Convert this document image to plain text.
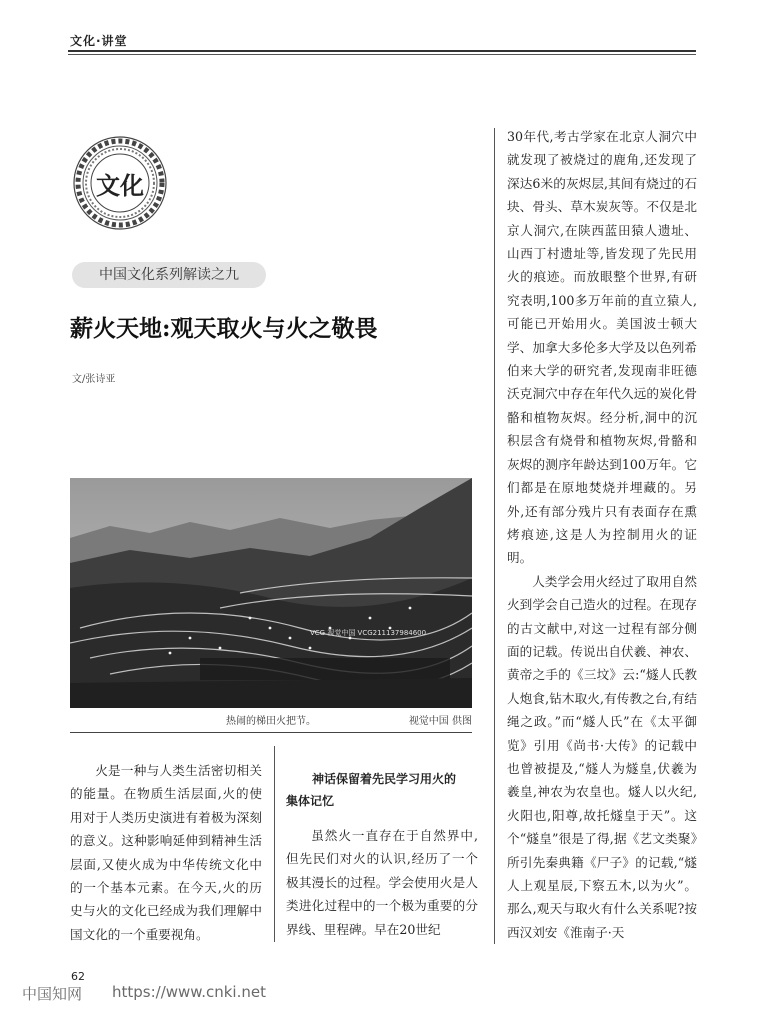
文化·讲堂
文化
中国文化系列解读之九
薪火天地:观天取火与火之敬畏
文/张诗亚
VCG 视觉中国 VCG211137984600
热闹的梯田火把节。	视觉中国 供图

火是一种与人类生活密切相关的能量。在物质生活层面,火的使用对于人类历史演进有着极为深刻的意义。这种影响延伸到精神生活层面,又使火成为中华传统文化中的一个基本元素。在今天,火的历史与火的文化已经成为我们理解中国文化的一个重要视角。

神话保留着先民学习用火的
集体记忆

虽然火一直存在于自然界中,但先民们对火的认识,经历了一个极其漫长的过程。学会使用火是人类进化过程中的一个极为重要的分界线、里程碑。早在20世纪

30年代,考古学家在北京人洞穴中就发现了被烧过的鹿角,还发现了深达6米的灰烬层,其间有烧过的石块、骨头、草木炭灰等。不仅是北京人洞穴,在陕西蓝田猿人遗址、山西丁村遗址等,皆发现了先民用火的痕迹。而放眼整个世界,有研究表明,100多万年前的直立猿人,可能已开始用火。美国波士顿大学、加拿大多伦多大学及以色列希伯来大学的研究者,发现南非旺德沃克洞穴中存在年代久远的炭化骨骼和植物灰烬。经分析,洞中的沉积层含有烧骨和植物灰烬,骨骼和灰烬的测序年龄达到100万年。它们都是在原地焚烧并埋藏的。另外,还有部分残片只有表面存在熏烤痕迹,这是人为控制用火的证明。

人类学会用火经过了取用自然火到学会自己造火的过程。在现存的古文献中,对这一过程有部分侧面的记载。传说出自伏羲、神农、黄帝之手的《三坟》云:“燧人氏教人炮食,钻木取火,有传教之台,有结绳之政。”而“燧人氏”在《太平御览》引用《尚书·大传》的记载中也曾被提及,“燧人为燧皇,伏羲为羲皇,神农为农皇也。燧人以火纪,火阳也,阳尊,故托燧皇于天”。这个“燧皇”很是了得,据《艺文类聚》所引先秦典籍《尸子》的记载,“燧人上观星辰,下察五木,以为火”。那么,观天与取火有什么关系呢?按西汉刘安《淮南子·天

62
中国知网 https://www.cnki.net
